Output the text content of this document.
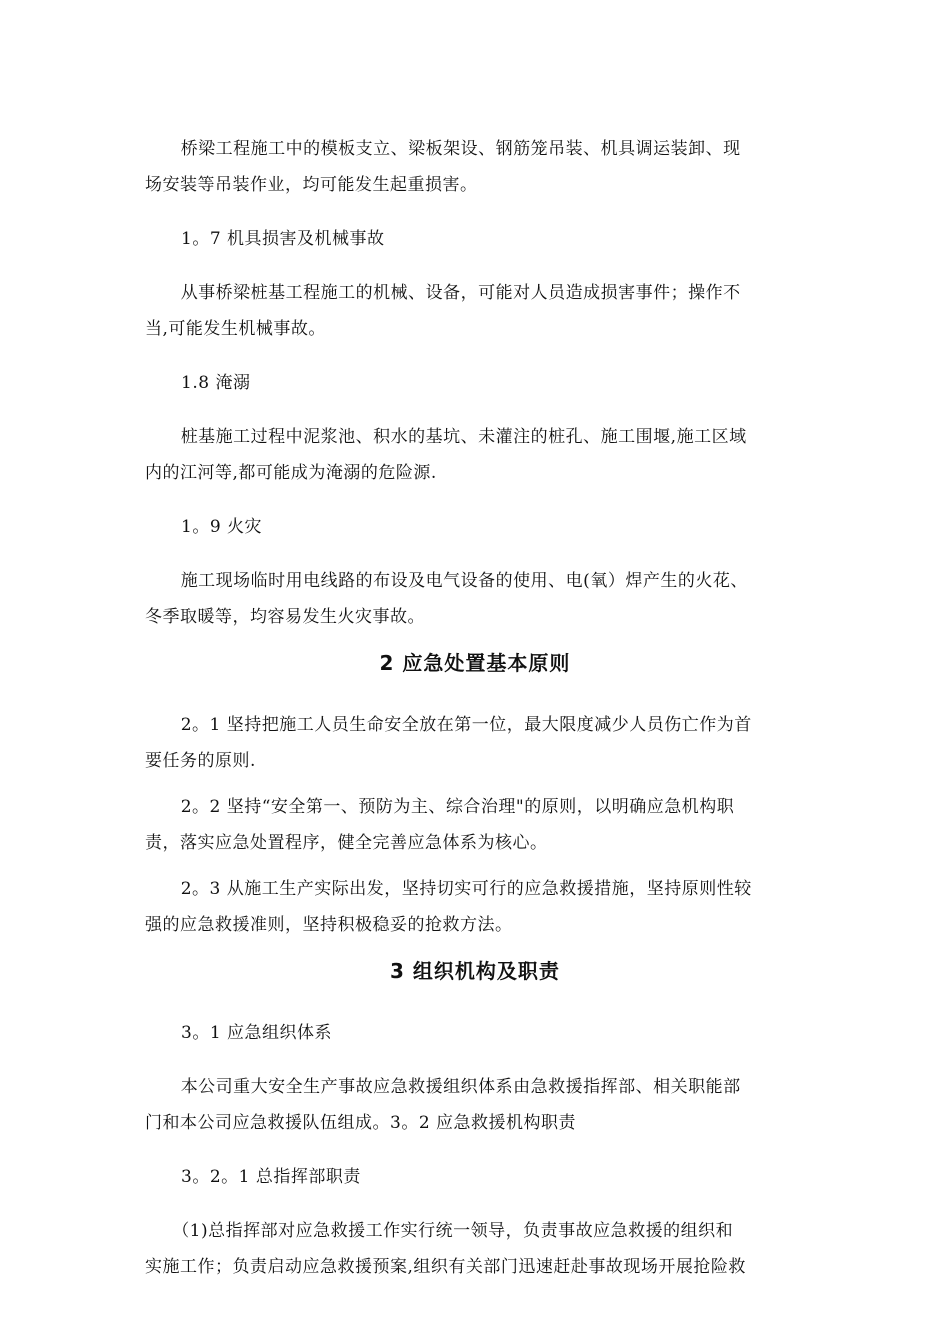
桥梁工程施工中的模板支立、梁板架设、钢筋笼吊装、机具调运装卸、现
场安装等吊装作业，均可能发生起重损害。

1。7 机具损害及机械事故

从事桥梁桩基工程施工的机械、设备，可能对人员造成损害事件；操作不
当,可能发生机械事故。

1.8 淹溺

桩基施工过程中泥浆池、积水的基坑、未灌注的桩孔、施工围堰,施工区域
内的江河等,都可能成为淹溺的危险源.

1。9 火灾

施工现场临时用电线路的布设及电气设备的使用、电(氧）焊产生的火花、
冬季取暖等，均容易发生火灾事故。

2 应急处置基本原则

2。1 坚持把施工人员生命安全放在第一位，最大限度减少人员伤亡作为首
要任务的原则.

2。2 坚持“安全第一、预防为主、综合治理"的原则，以明确应急机构职
责，落实应急处置程序，健全完善应急体系为核心。

2。3 从施工生产实际出发，坚持切实可行的应急救援措施，坚持原则性较
强的应急救援准则，坚持积极稳妥的抢救方法。

3 组织机构及职责

3。1 应急组织体系

本公司重大安全生产事故应急救援组织体系由急救援指挥部、相关职能部
门和本公司应急救援队伍组成。3。2 应急救援机构职责

3。2。1 总指挥部职责

（1)总指挥部对应急救援工作实行统一领导，负责事故应急救援的组织和
实施工作；负责启动应急救援预案,组织有关部门迅速赶赴事故现场开展抢险救
